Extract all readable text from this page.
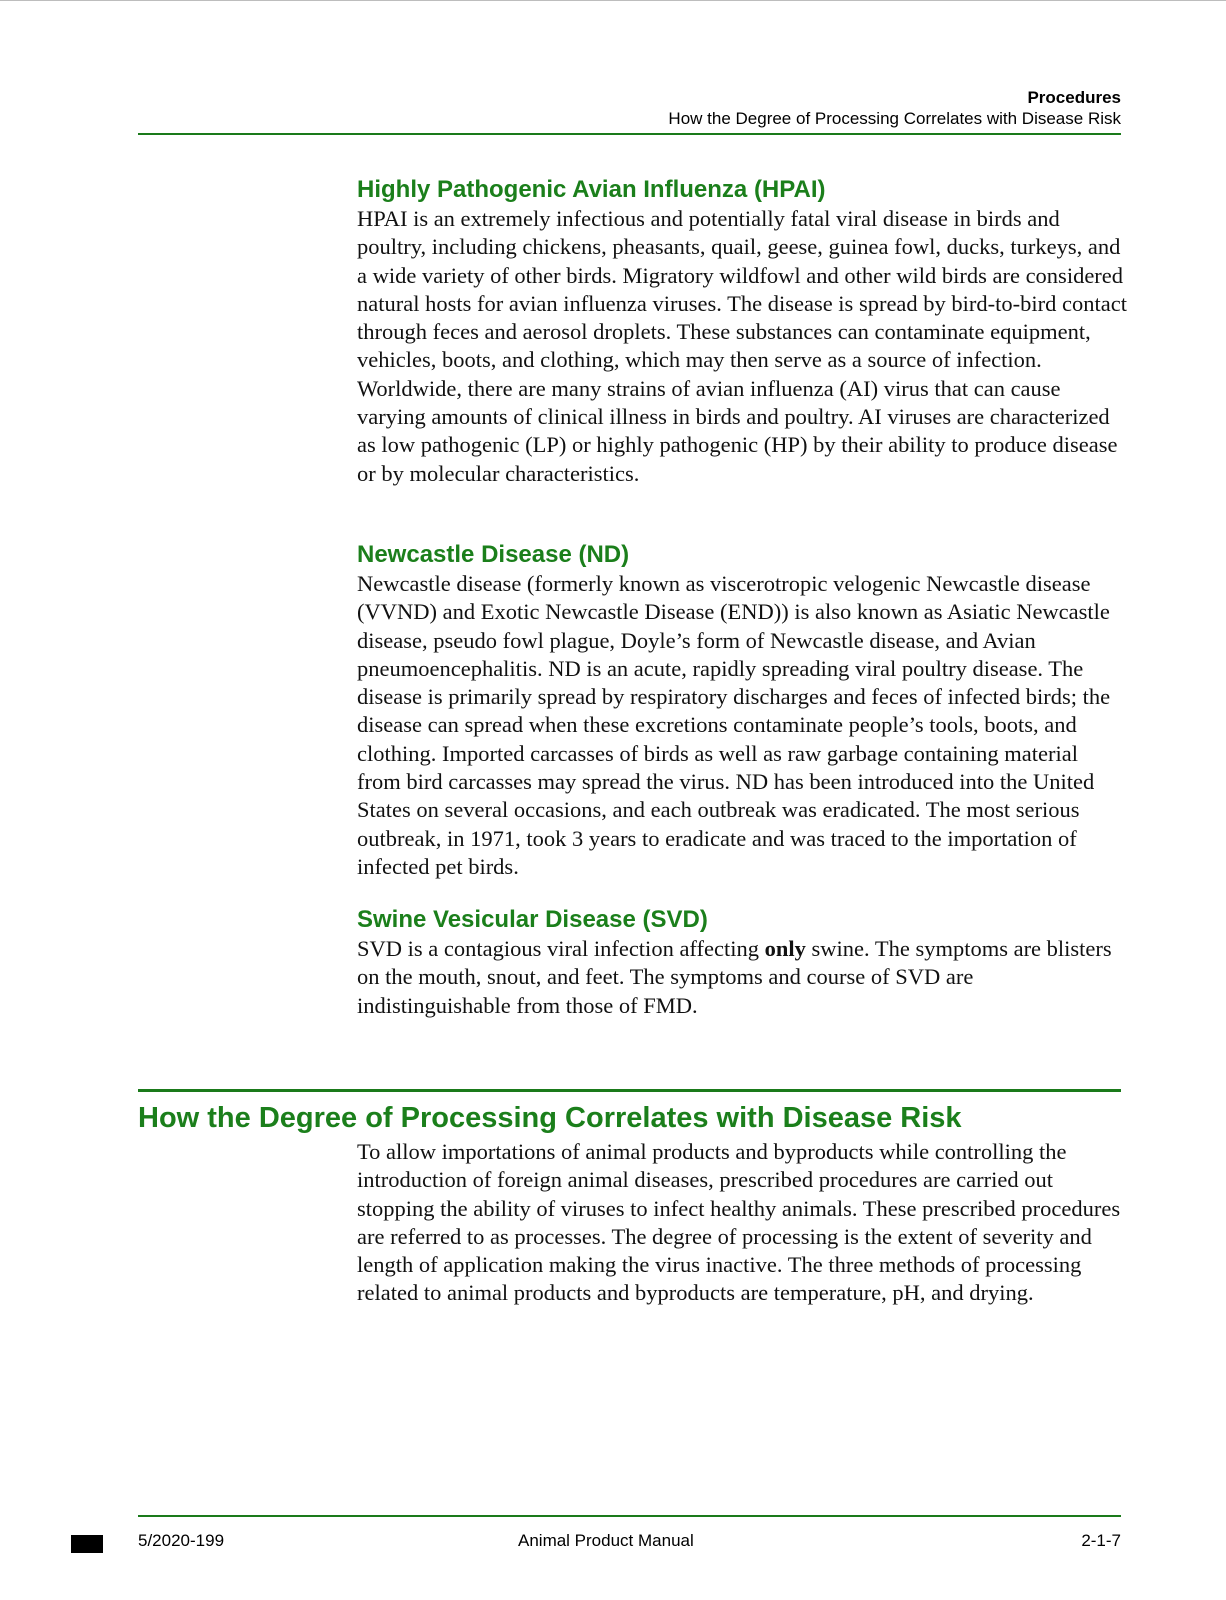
Procedures
How the Degree of Processing Correlates with Disease Risk
Highly Pathogenic Avian Influenza (HPAI)

HPAI is an extremely infectious and potentially fatal viral disease in birds and poultry, including chickens, pheasants, quail, geese, guinea fowl, ducks, turkeys, and a wide variety of other birds. Migratory wildfowl and other wild birds are considered natural hosts for avian influenza viruses. The disease is spread by bird-to-bird contact through feces and aerosol droplets. These substances can contaminate equipment, vehicles, boots, and clothing, which may then serve as a source of infection. Worldwide, there are many strains of avian influenza (AI) virus that can cause varying amounts of clinical illness in birds and poultry. AI viruses are characterized as low pathogenic (LP) or highly pathogenic (HP) by their ability to produce disease or by molecular characteristics.

Newcastle Disease (ND)

Newcastle disease (formerly known as viscerotropic velogenic Newcastle disease (VVND) and Exotic Newcastle Disease (END)) is also known as Asiatic Newcastle disease, pseudo fowl plague, Doyle’s form of Newcastle disease, and Avian pneumoencephalitis. ND is an acute, rapidly spreading viral poultry disease. The disease is primarily spread by respiratory discharges and feces of infected birds; the disease can spread when these excretions contaminate people’s tools, boots, and clothing. Imported carcasses of birds as well as raw garbage containing material from bird carcasses may spread the virus. ND has been introduced into the United States on several occasions, and each outbreak was eradicated. The most serious outbreak, in 1971, took 3 years to eradicate and was traced to the importation of infected pet birds.

Swine Vesicular Disease (SVD)

SVD is a contagious viral infection affecting only swine. The symptoms are blisters on the mouth, snout, and feet. The symptoms and course of SVD are indistinguishable from those of FMD.

How the Degree of Processing Correlates with Disease Risk

To allow importations of animal products and byproducts while controlling the introduction of foreign animal diseases, prescribed procedures are carried out stopping the ability of viruses to infect healthy animals. These prescribed procedures are referred to as processes. The degree of processing is the extent of severity and length of application making the virus inactive. The three methods of processing related to animal products and byproducts are temperature, pH, and drying.

5/2020-199	Animal Product Manual	2-1-7
